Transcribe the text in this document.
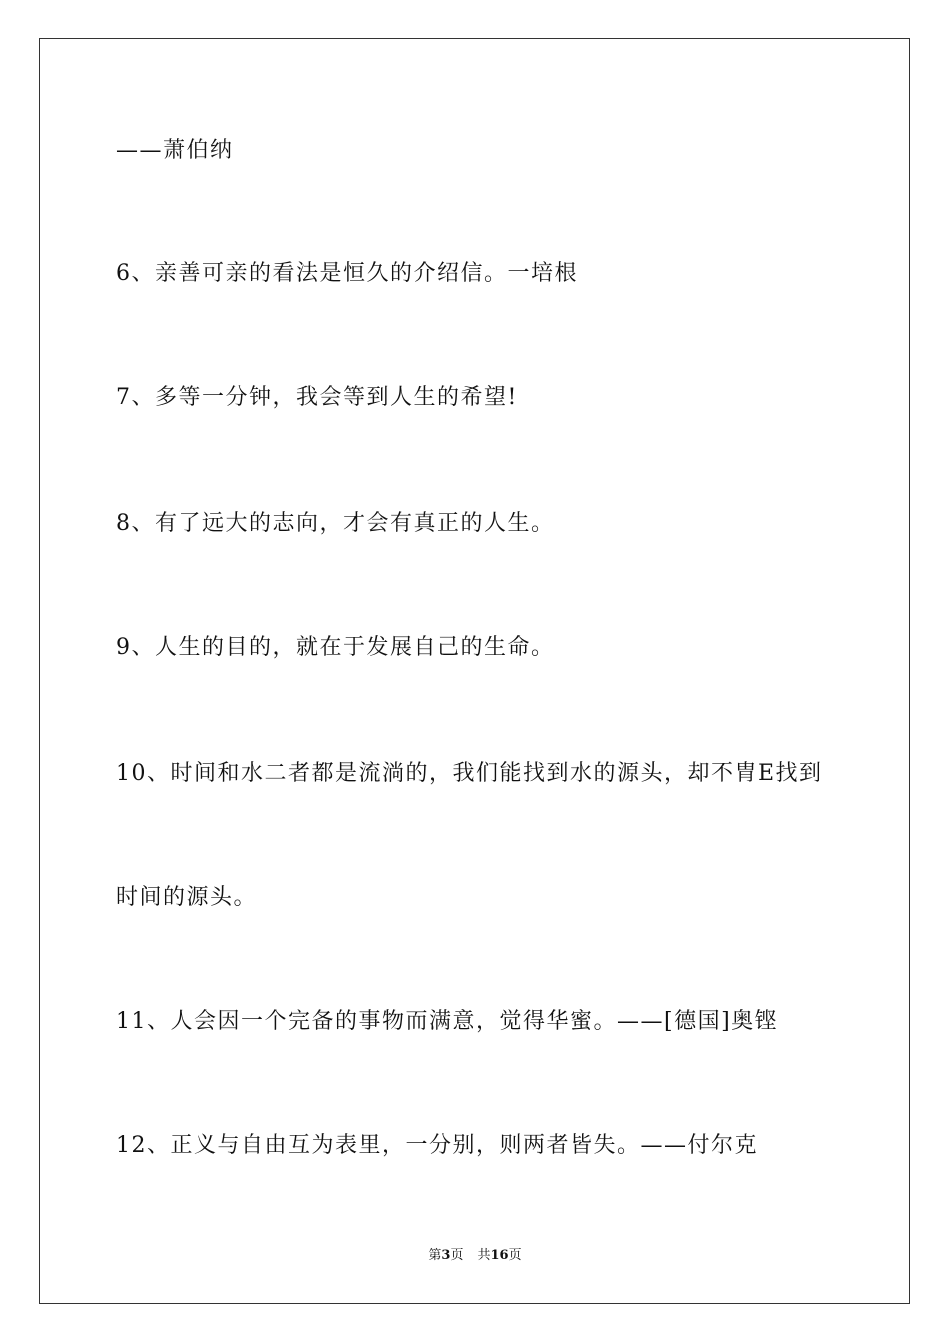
——萧伯纳
6、亲善可亲的看法是恒久的介绍信。一培根
7、多等一分钟，我会等到人生的希望!
8、有了远大的志向，才会有真正的人生。
9、人生的目的，就在于发展自己的生命。
10、时间和水二者都是流淌的，我们能找到水的源头，却不胄E找到
时间的源头。
11、人会因一个完备的事物而满意，觉得华蜜。——[德国]奥铿
12、正义与自由互为表里，一分别，则两者皆失。——付尔克
第3页 共16页
